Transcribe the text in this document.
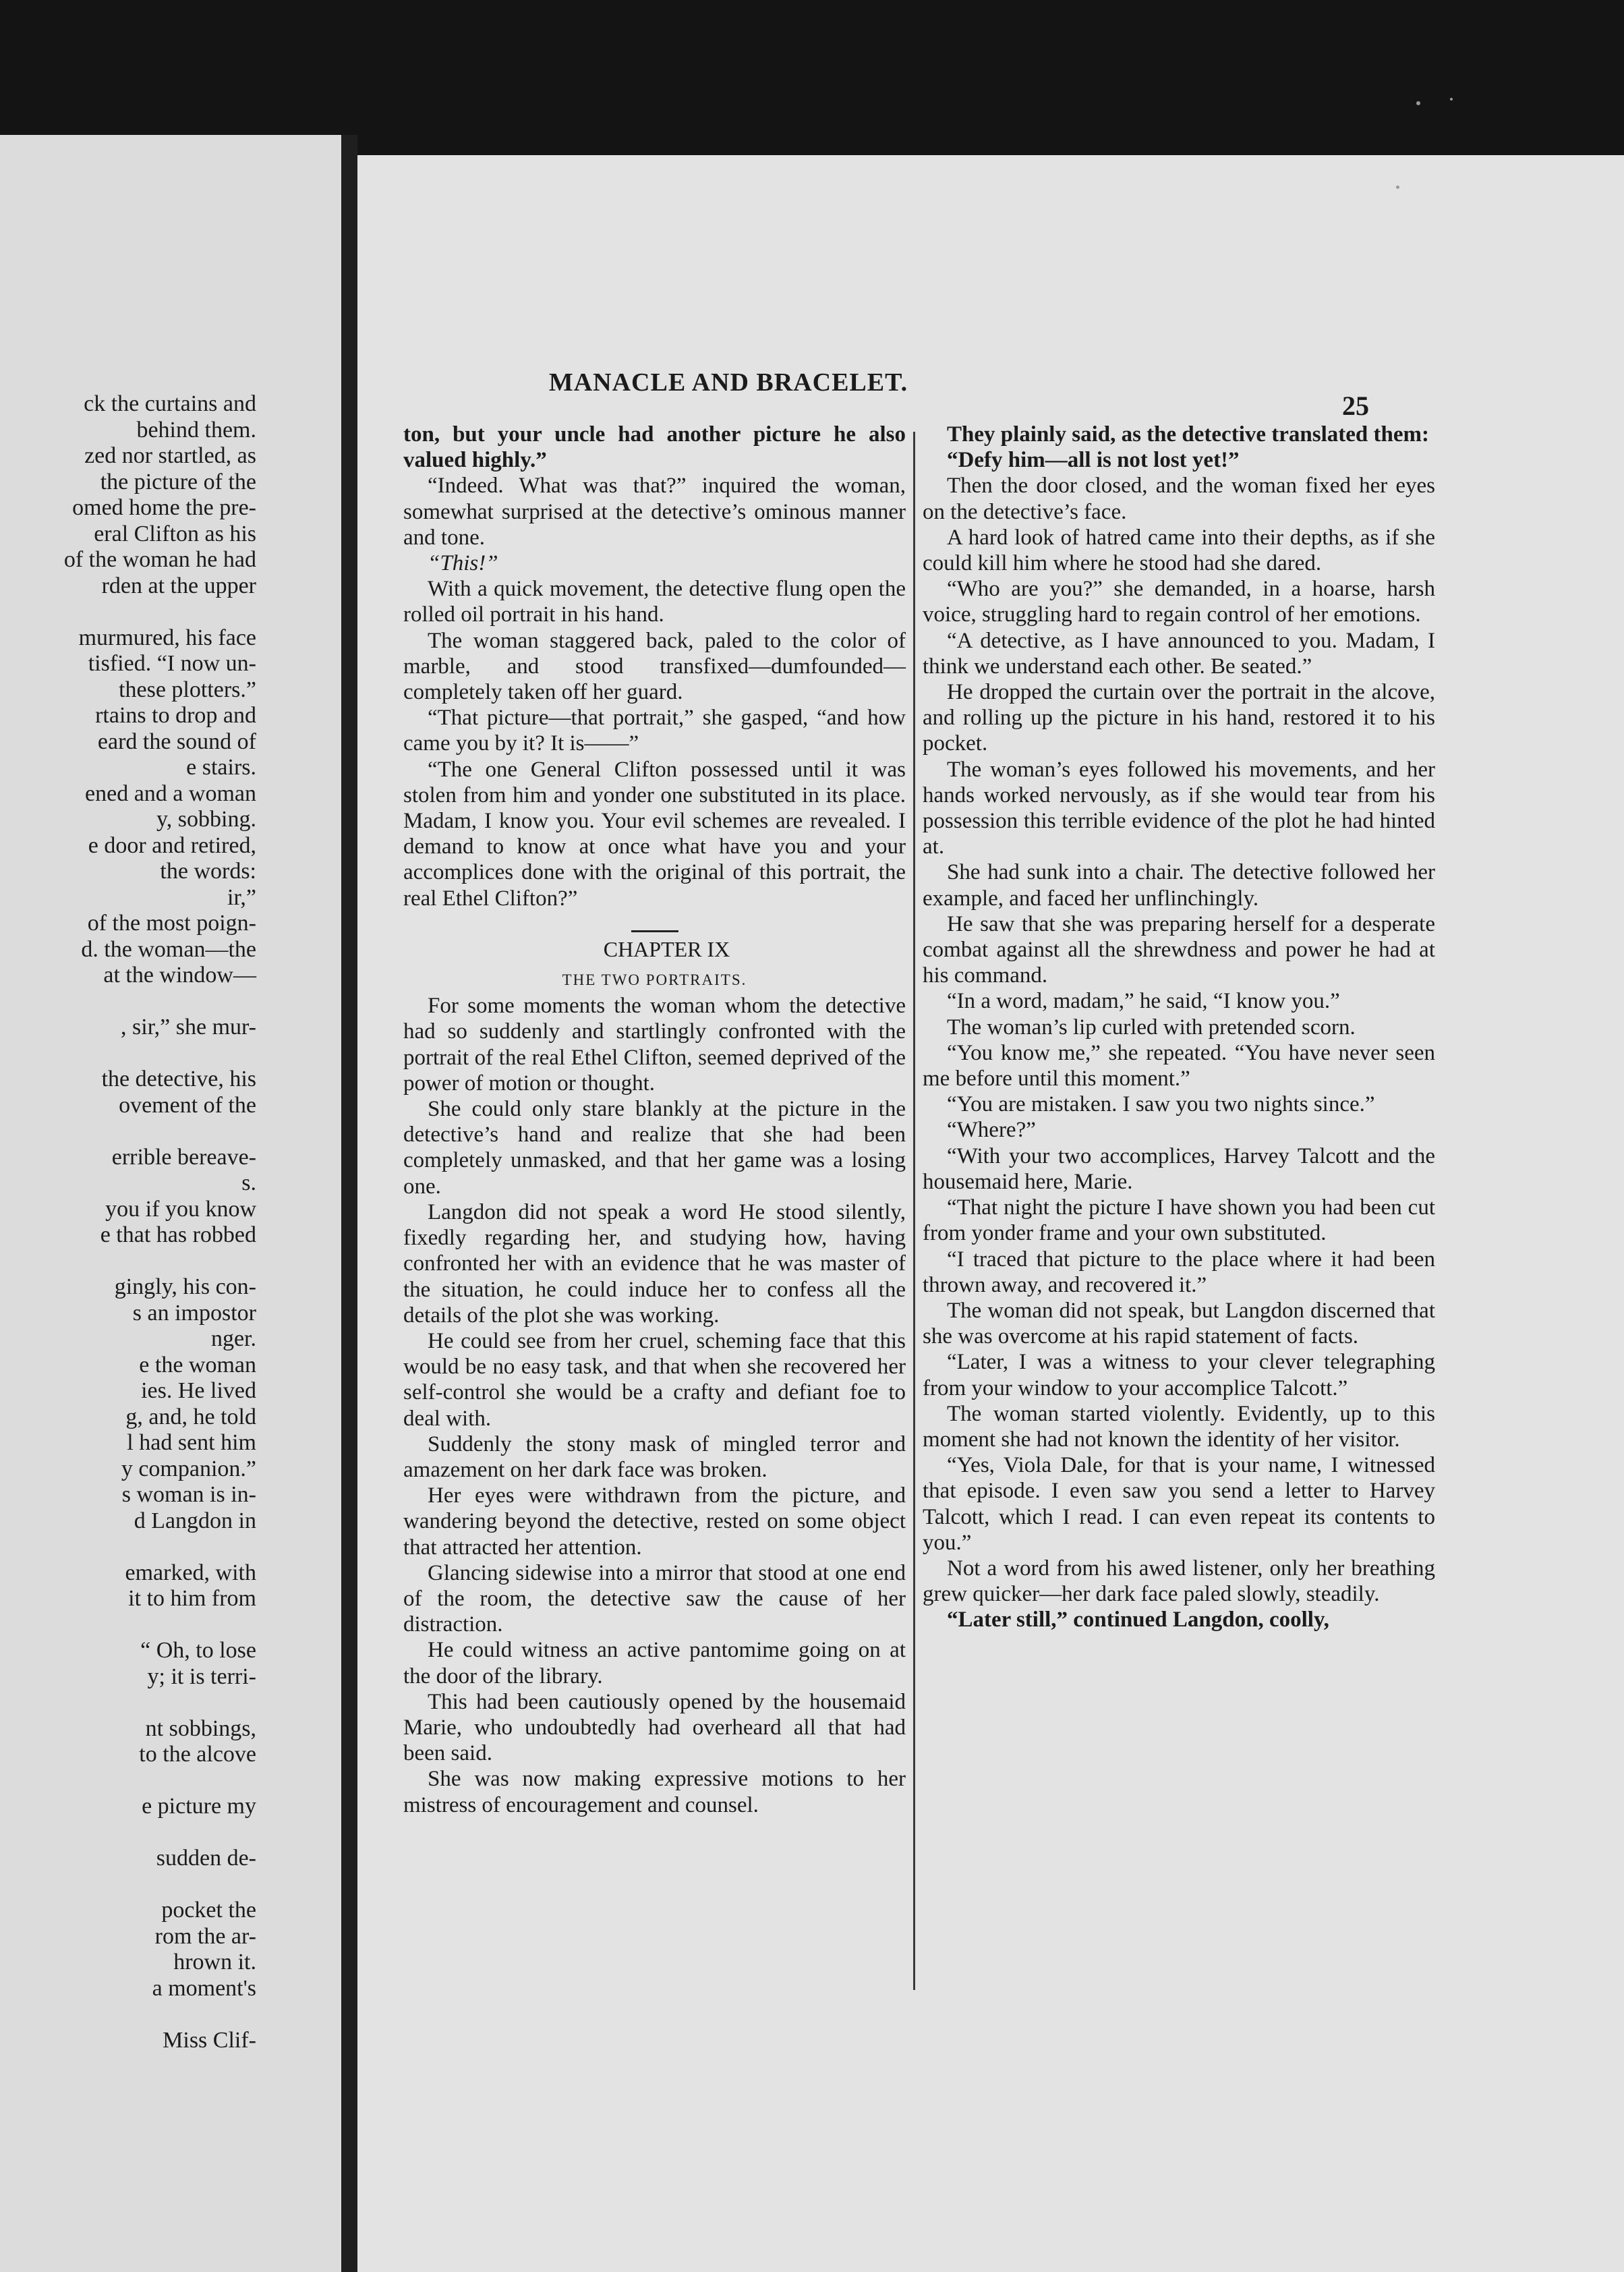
ck the curtains and
behind them.
zed nor startled, as
the picture of the
omed home the pre-
eral Clifton as his
of the woman he had
rden at the upper
murmured, his face
tisfied. “I now un-
these plotters.”
rtains to drop and
eard the sound of
e stairs.
ened and a woman
y, sobbing.
e door and retired,
the words:
ir,”
of the most poign-
d. the woman—the
at the window—
, sir,” she mur-
the detective, his
ovement of the
errible bereave-
s.
you if you know
e that has robbed
gingly, his con-
s an impostor
nger.
e the woman
ies. He lived
g, and, he told
l had sent him
y companion.”
s woman is in-
d Langdon in
emarked, with
it to him from
“ Oh, to lose
y; it is terri-
nt sobbings,
to the alcove
e picture my
sudden de-
pocket the
rom the ar-
hrown it.
a moment's
Miss Clif-
MANACLE AND BRACELET.
25

ton, but your uncle had another picture he also valued highly.”

“Indeed. What was that?” inquired the woman, somewhat surprised at the detective’s ominous manner and tone.

“This!”

With a quick movement, the detective flung open the rolled oil portrait in his hand.

The woman staggered back, paled to the color of marble, and stood transfixed—dumfounded—completely taken off her guard.

“That picture—that portrait,” she gasped, “and how came you by it? It is——”

“The one General Clifton possessed until it was stolen from him and yonder one substituted in its place. Madam, I know you. Your evil schemes are revealed. I demand to know at once what have you and your accomplices done with the original of this portrait, the real Ethel Clifton?”

CHAPTER IX

THE TWO PORTRAITS.

For some moments the woman whom the detective had so suddenly and startlingly confronted with the portrait of the real Ethel Clifton, seemed deprived of the power of motion or thought.

She could only stare blankly at the picture in the detective’s hand and realize that she had been completely unmasked, and that her game was a losing one.

Langdon did not speak a word He stood silently, fixedly regarding her, and studying how, having confronted her with an evidence that he was master of the situation, he could induce her to confess all the details of the plot she was working.

He could see from her cruel, scheming face that this would be no easy task, and that when she recovered her self-control she would be a crafty and defiant foe to deal with.

Suddenly the stony mask of mingled terror and amazement on her dark face was broken.

Her eyes were withdrawn from the picture, and wandering beyond the detective, rested on some object that attracted her attention.

Glancing sidewise into a mirror that stood at one end of the room, the detective saw the cause of her distraction.

He could witness an active pantomime going on at the door of the library.

This had been cautiously opened by the housemaid Marie, who undoubtedly had overheard all that had been said.

She was now making expressive motions to her mistress of encouragement and counsel.

They plainly said, as the detective translated them:

“Defy him—all is not lost yet!”

Then the door closed, and the woman fixed her eyes on the detective’s face.

A hard look of hatred came into their depths, as if she could kill him where he stood had she dared.

“Who are you?” she demanded, in a hoarse, harsh voice, struggling hard to regain control of her emotions.

“A detective, as I have announced to you. Madam, I think we understand each other. Be seated.”

He dropped the curtain over the portrait in the alcove, and rolling up the picture in his hand, restored it to his pocket.

The woman’s eyes followed his movements, and her hands worked nervously, as if she would tear from his possession this terrible evidence of the plot he had hinted at.

She had sunk into a chair. The detective followed her example, and faced her unflinchingly.

He saw that she was preparing herself for a desperate combat against all the shrewdness and power he had at his command.

“In a word, madam,” he said, “I know you.”

The woman’s lip curled with pretended scorn.

“You know me,” she repeated. “You have never seen me before until this moment.”

“You are mistaken. I saw you two nights since.”

“Where?”

“With your two accomplices, Harvey Talcott and the housemaid here, Marie.

“That night the picture I have shown you had been cut from yonder frame and your own substituted.

“I traced that picture to the place where it had been thrown away, and recovered it.”

The woman did not speak, but Langdon discerned that she was overcome at his rapid statement of facts.

“Later, I was a witness to your clever telegraphing from your window to your accomplice Talcott.”

The woman started violently. Evidently, up to this moment she had not known the identity of her visitor.

“Yes, Viola Dale, for that is your name, I witnessed that episode. I even saw you send a letter to Harvey Talcott, which I read. I can even repeat its contents to you.”

Not a word from his awed listener, only her breathing grew quicker—her dark face paled slowly, steadily.

“Later still,” continued Langdon, coolly,
